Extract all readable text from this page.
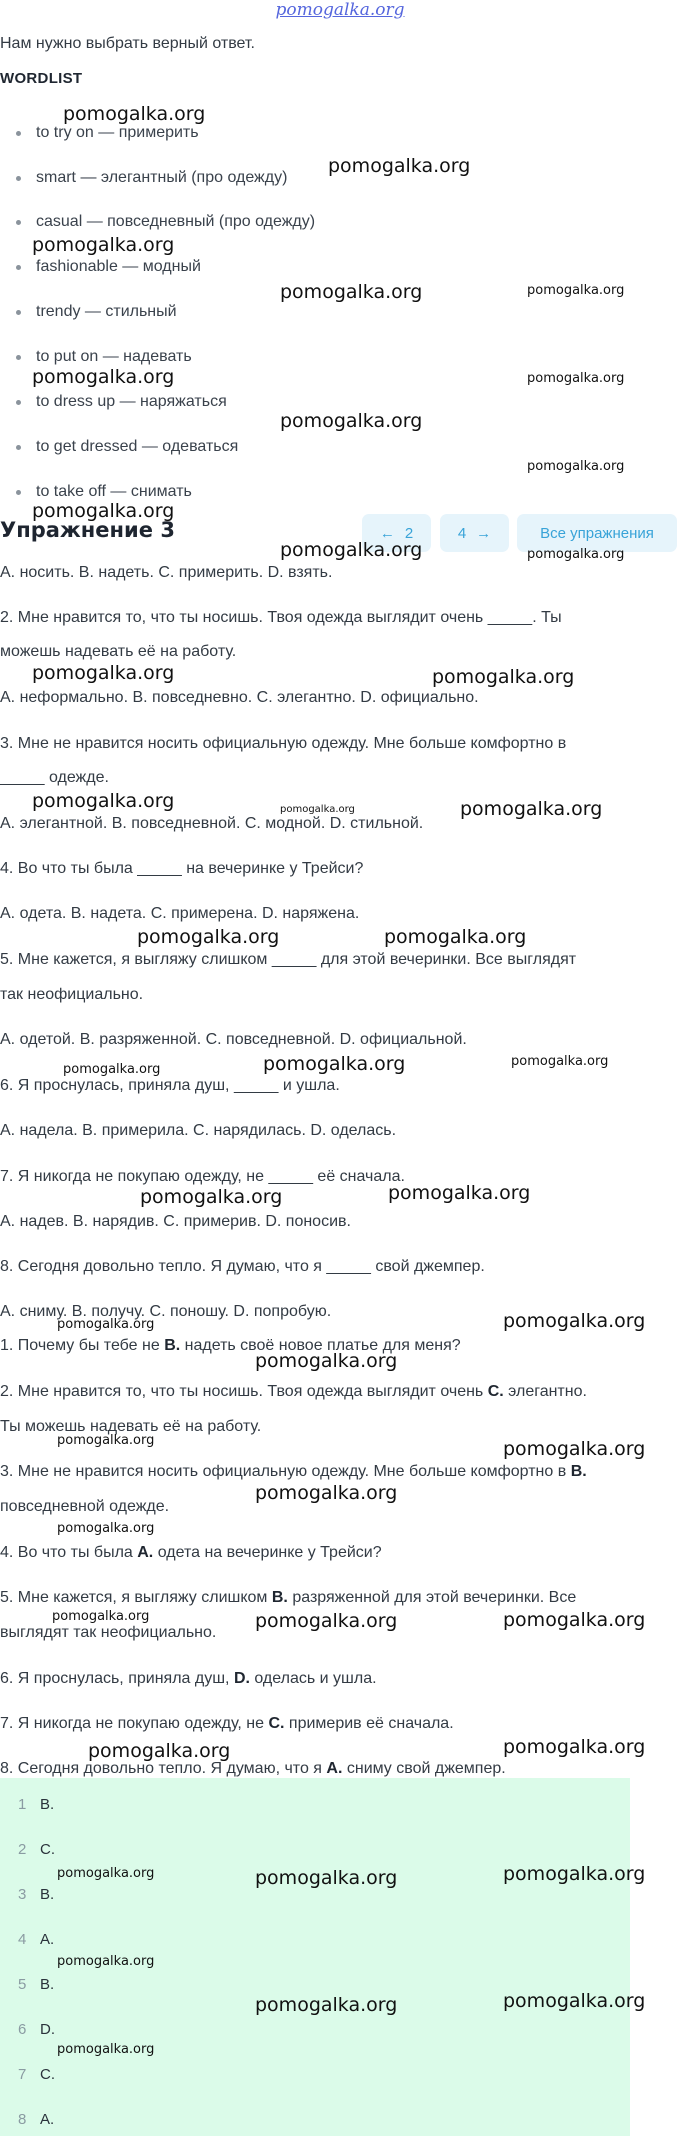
pomogalka.org
Нам нужно выбрать верный ответ.
WORDLIST
to try on — примерить
smart — элегантный (про одежду)
casual — повседневный (про одежду)
fashionable — модный
trendy — стильный
to put on — надевать
to dress up — наряжаться
to get dressed — одеваться
to take off — снимать
Упражнение 3	← 2	4 →	Все упражнения
A. носить. B. надеть. C. примерить. D. взять.
2. Мне нравится то, что ты носишь. Твоя одежда выглядит очень _____. Ты
можешь надевать её на работу.
A. неформально. B. повседневно. C. элегантно. D. официально.
3. Мне не нравится носить официальную одежду. Мне больше комфортно в
_____ одежде.
A. элегантной. B. повседневной. C. модной. D. стильной.
4. Во что ты была _____ на вечеринке у Трейси?
A. одета. B. надета. C. примерена. D. наряжена.
5. Мне кажется, я выгляжу слишком _____ для этой вечеринки. Все выглядят
так неофициально.
A. одетой. B. разряженной. C. повседневной. D. официальной.
6. Я проснулась, приняла душ, _____ и ушла.
A. надела. B. примерила. C. нарядилась. D. оделась.
7. Я никогда не покупаю одежду, не _____ её сначала.
A. надев. B. нарядив. C. примерив. D. поносив.
8. Сегодня довольно тепло. Я думаю, что я _____ свой джемпер.
A. сниму. B. получу. C. поношу. D. попробую.
1. Почему бы тебе не B. надеть своё новое платье для меня?
2. Мне нравится то, что ты носишь. Твоя одежда выглядит очень C. элегантно.
Ты можешь надевать её на работу.
3. Мне не нравится носить официальную одежду. Мне больше комфортно в B.
повседневной одежде.
4. Во что ты была A. одета на вечеринке у Трейси?
5. Мне кажется, я выгляжу слишком B. разряженной для этой вечеринки. Все
выглядят так неофициально.
6. Я проснулась, приняла душ, D. оделась и ушла.
7. Я никогда не покупаю одежду, не C. примерив её сначала.
8. Сегодня довольно тепло. Я думаю, что я A. сниму свой джемпер.
1 B.
2 C.
3 B.
4 A.
5 B.
6 D.
7 C.
8 A.
pomogalka.org
pomogalka.org
pomogalka.org
pomogalka.org	pomogalka.org
pomogalka.org	pomogalka.org
pomogalka.org
pomogalka.org
pomogalka.org
pomogalka.org	pomogalka.org
pomogalka.org	pomogalka.org
pomogalka.org	pomogalka.org	pomogalka.org
pomogalka.org	pomogalka.org
pomogalka.org	pomogalka.org	pomogalka.org
pomogalka.org	pomogalka.org
pomogalka.org	pomogalka.org
pomogalka.org
pomogalka.org	pomogalka.org
pomogalka.org
pomogalka.org
pomogalka.org	pomogalka.org	pomogalka.org
pomogalka.org	pomogalka.org
pomogalka.org	pomogalka.org	pomogalka.org
pomogalka.org
pomogalka.org	pomogalka.org
pomogalka.org
